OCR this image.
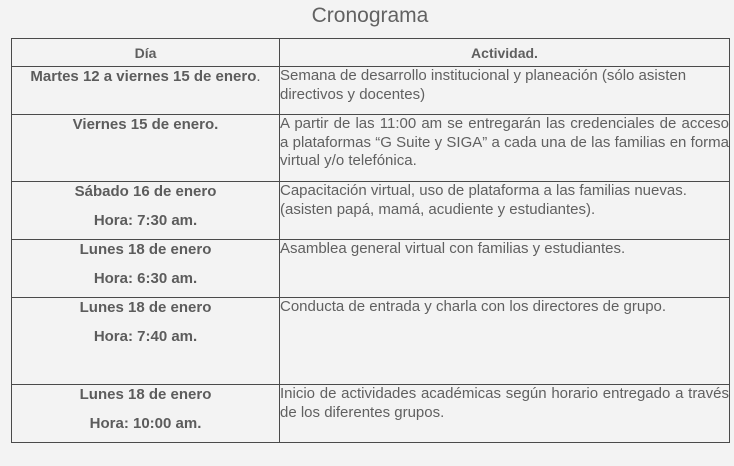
Cronograma
Día	Actividad.
Martes 12 a viernes 15 de enero.	Semana de desarrollo institucional y planeación (sólo asisten directivos y docentes)
Viernes 15 de enero.	A partir de las 11:00 am se entregarán las credenciales de acceso a plataformas “G Suite y SIGA” a cada una de las familias en forma virtual y/o telefónica.
Sábado 16 de enero
Hora: 7:30 am.	Capacitación virtual, uso de plataforma a las familias nuevas. (asisten papá, mamá, acudiente y estudiantes).
Lunes 18 de enero
Hora: 6:30 am.	Asamblea general virtual con familias y estudiantes.
Lunes 18 de enero
Hora: 7:40 am.	Conducta de entrada y charla con los directores de grupo.
Lunes 18 de enero
Hora: 10:00 am.	Inicio de actividades académicas según horario entregado a través de los diferentes grupos.
